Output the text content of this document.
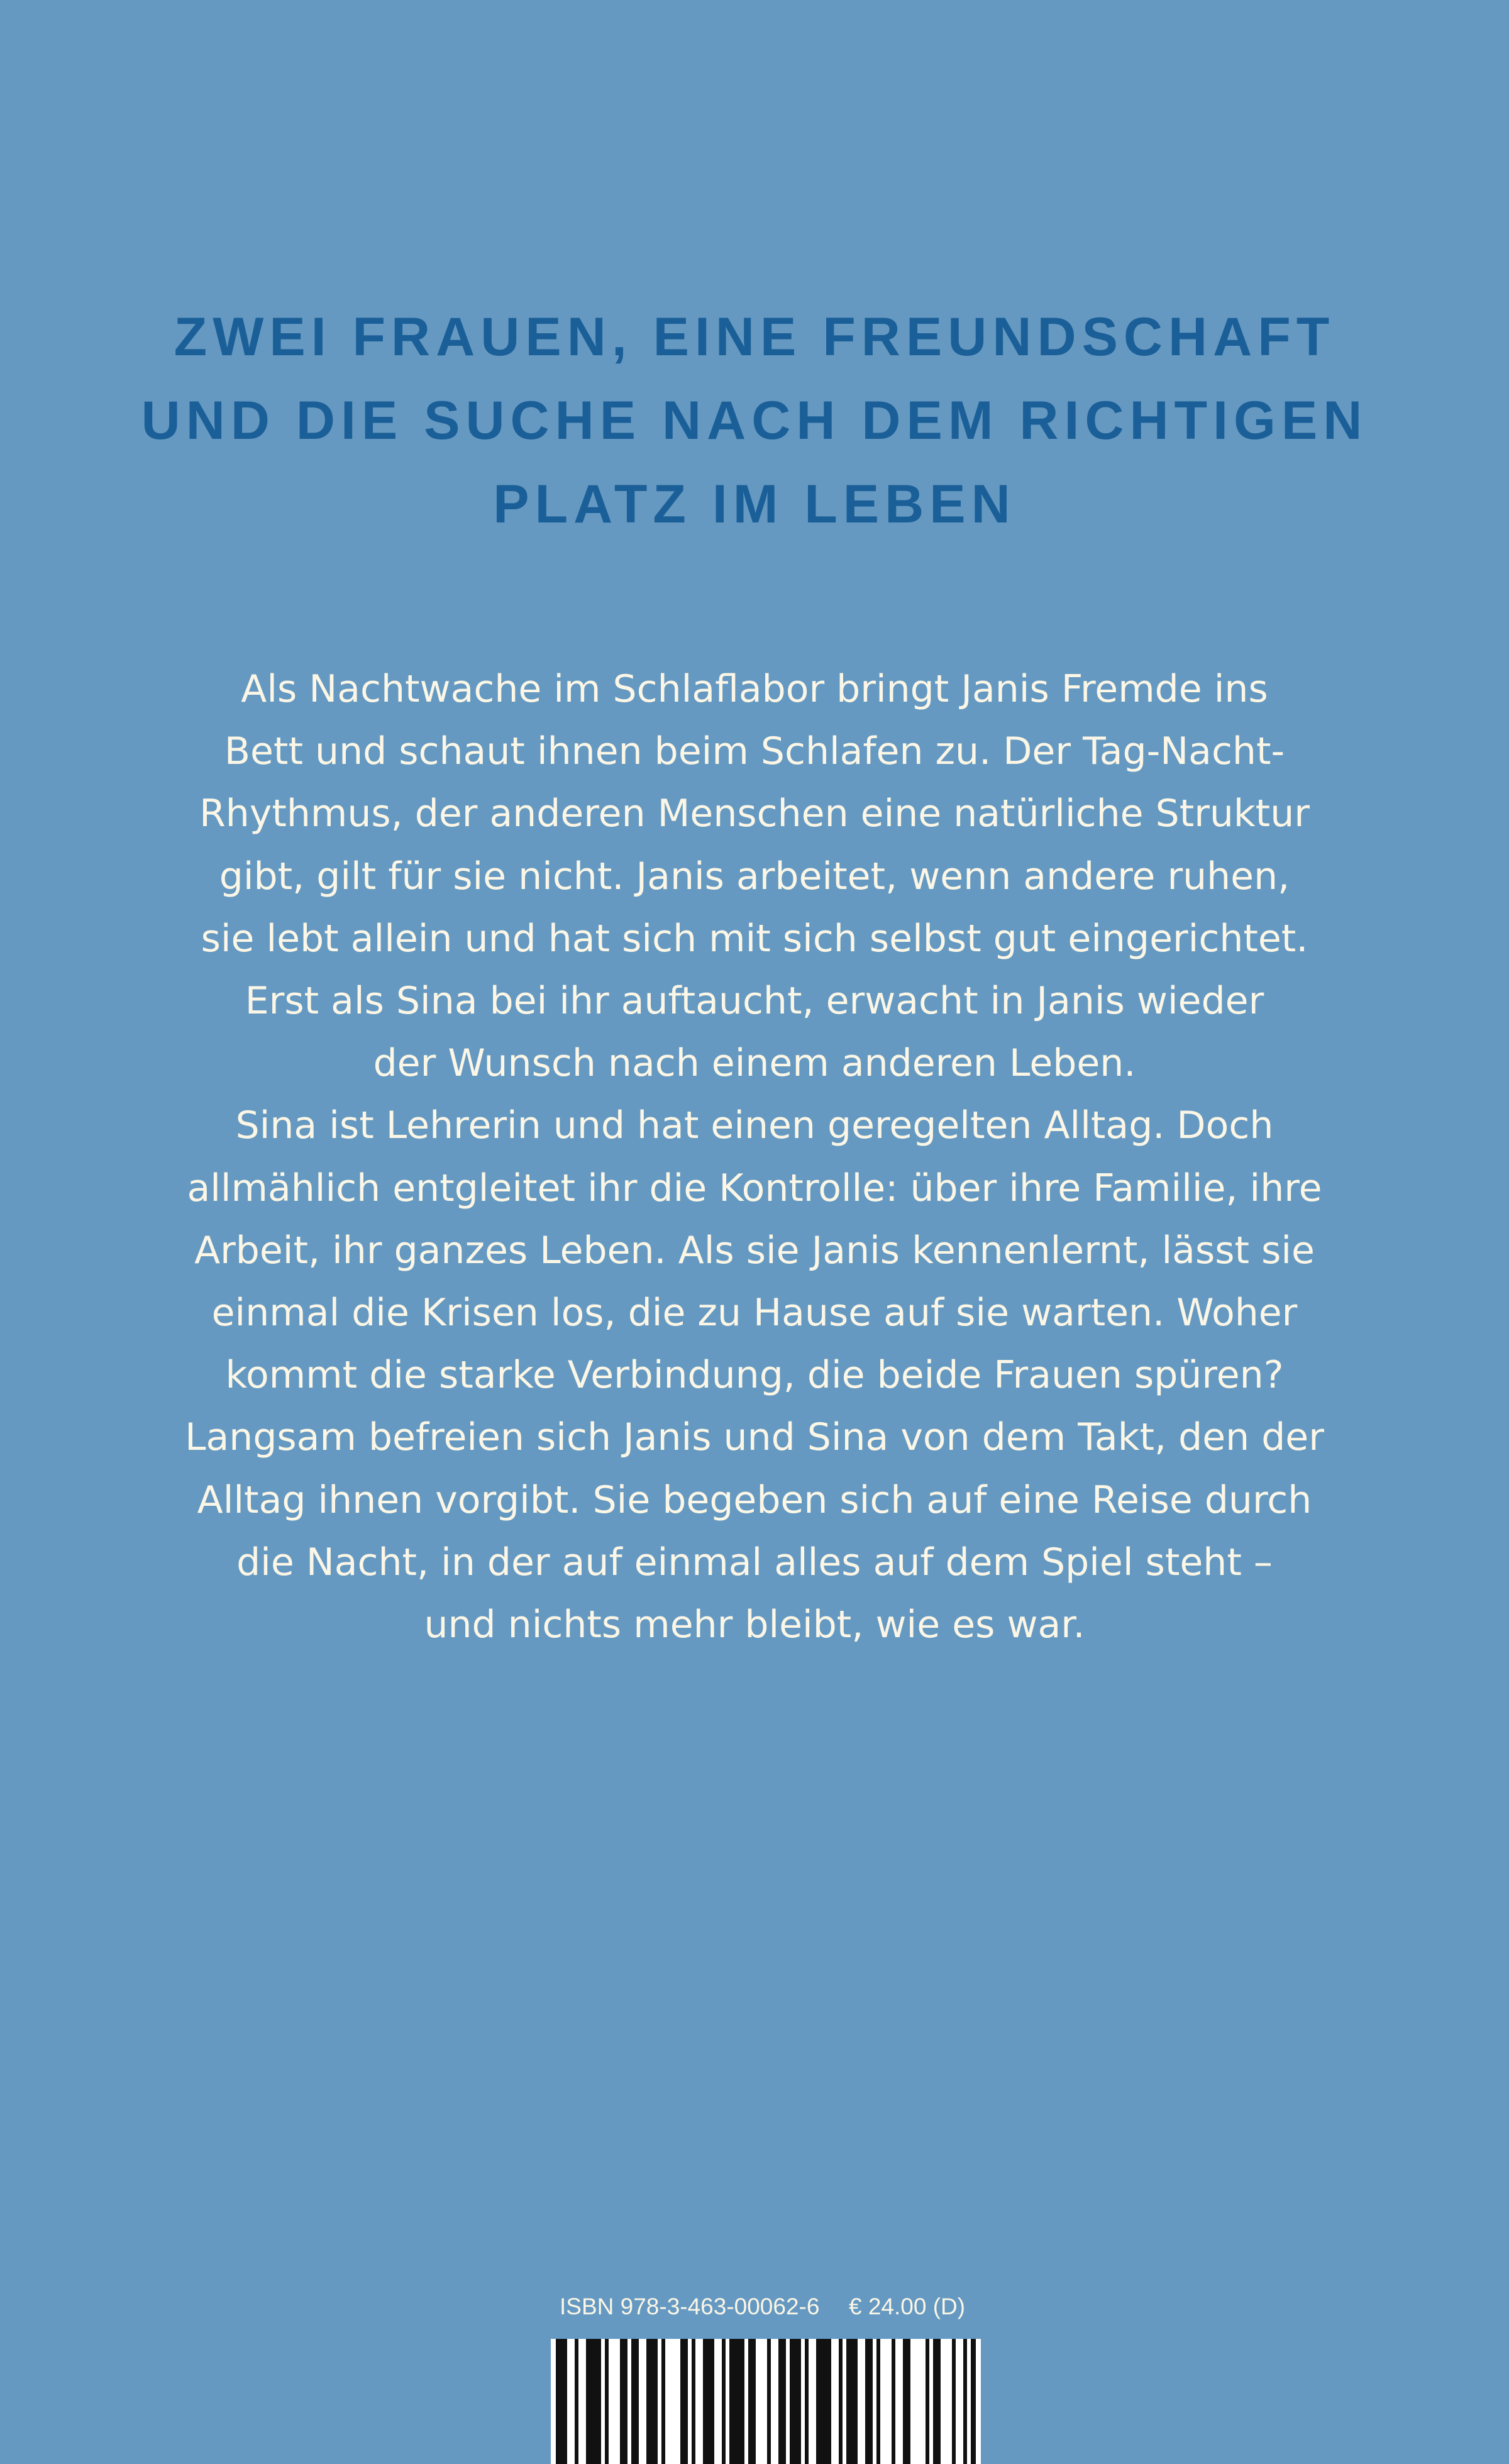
ZWEI FRAUEN, EINE FREUNDSCHAFT
UND DIE SUCHE NACH DEM RICHTIGEN
PLATZ IM LEBEN
Als Nachtwache im Schlaflabor bringt Janis Fremde ins
Bett und schaut ihnen beim Schlafen zu. Der Tag-Nacht-
Rhythmus, der anderen Menschen eine natürliche Struktur
gibt, gilt für sie nicht. Janis arbeitet, wenn andere ruhen,
sie lebt allein und hat sich mit sich selbst gut eingerichtet.
Erst als Sina bei ihr auftaucht, erwacht in Janis wieder
der Wunsch nach einem anderen Leben.
Sina ist Lehrerin und hat einen geregelten Alltag. Doch
allmählich entgleitet ihr die Kontrolle: über ihre Familie, ihre
Arbeit, ihr ganzes Leben. Als sie Janis kennenlernt, lässt sie
einmal die Krisen los, die zu Hause auf sie warten. Woher
kommt die starke Verbindung, die beide Frauen spüren?
Langsam befreien sich Janis und Sina von dem Takt, den der
Alltag ihnen vorgibt. Sie begeben sich auf eine Reise durch
die Nacht, in der auf einmal alles auf dem Spiel steht –
und nichts mehr bleibt, wie es war.
ISBN 978-3-463-00062-6 € 24.00 (D)
